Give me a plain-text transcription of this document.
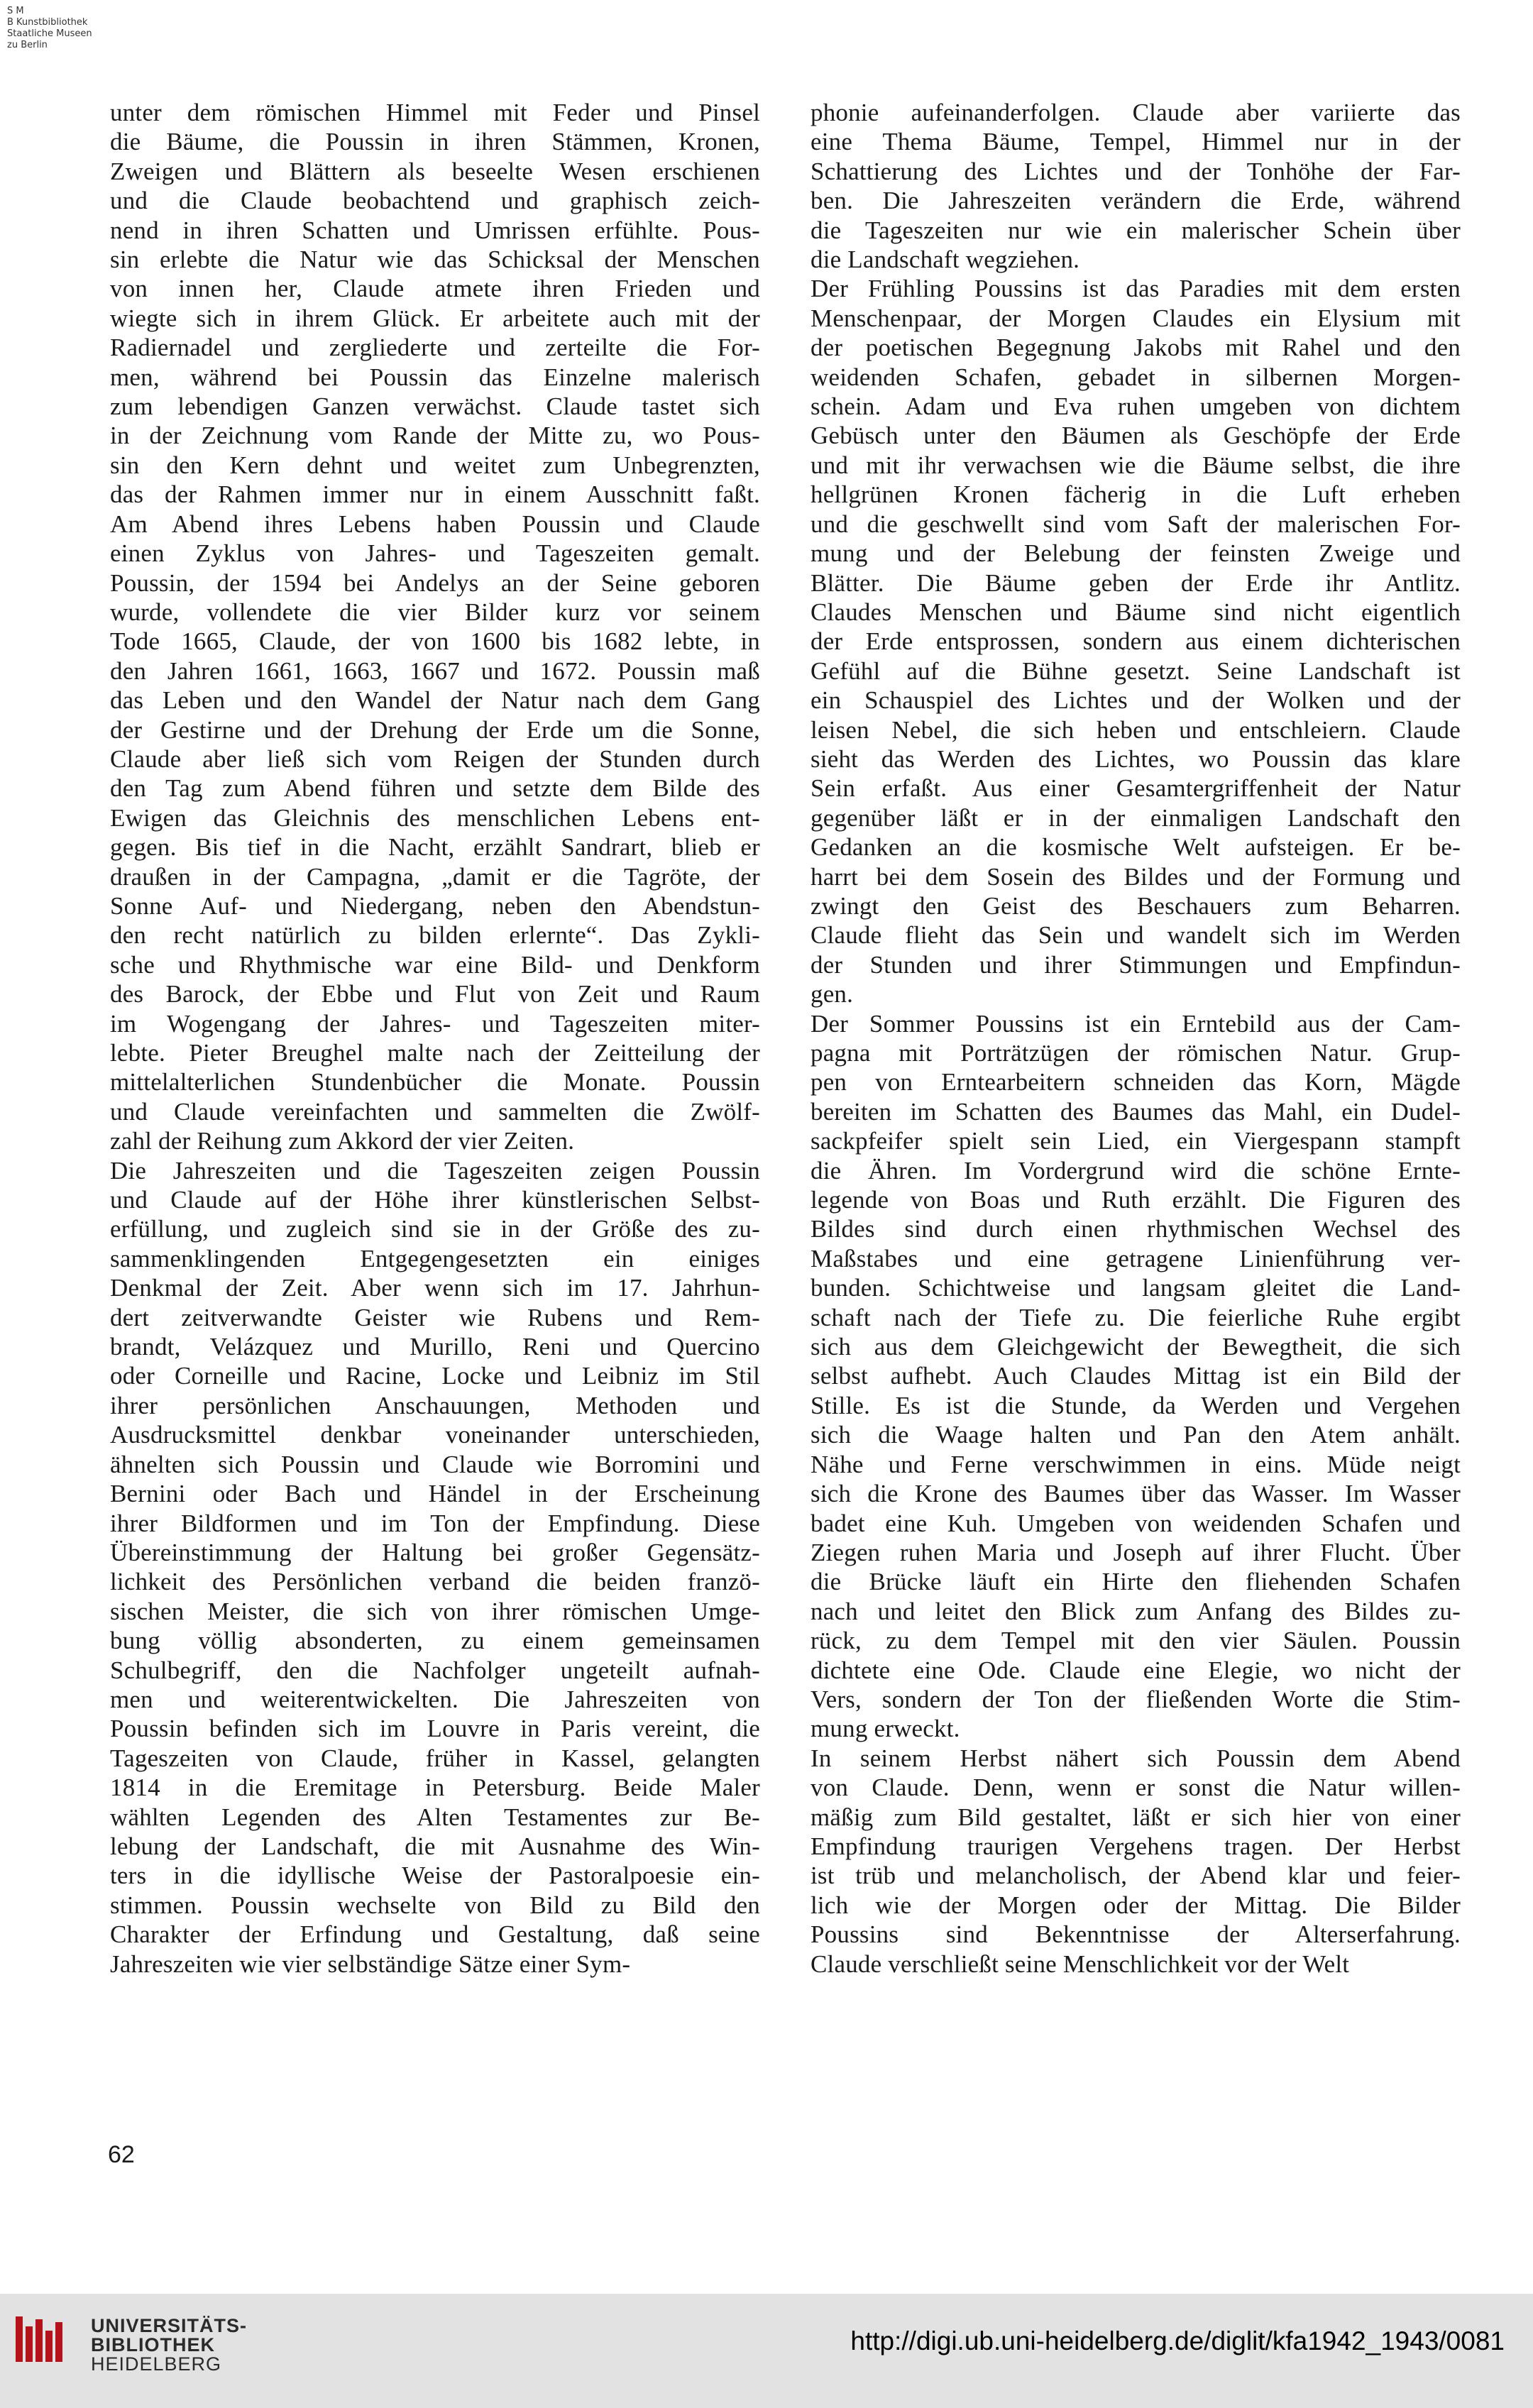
S M
B Kunstbibliothek
Staatliche Museen
zu Berlin

unter dem römischen Himmel mit Feder und Pinsel

die Bäume, die Poussin in ihren Stämmen, Kronen,

Zweigen und Blättern als beseelte Wesen erschienen

und die Claude beobachtend und graphisch zeich-

nend in ihren Schatten und Umrissen erfühlte. Pous-

sin erlebte die Natur wie das Schicksal der Menschen

von innen her, Claude atmete ihren Frieden und

wiegte sich in ihrem Glück. Er arbeitete auch mit der

Radiernadel und zergliederte und zerteilte die For-

men, während bei Poussin das Einzelne malerisch

zum lebendigen Ganzen verwächst. Claude tastet sich

in der Zeichnung vom Rande der Mitte zu, wo Pous-

sin den Kern dehnt und weitet zum Unbegrenzten,

das der Rahmen immer nur in einem Ausschnitt faßt.

Am Abend ihres Lebens haben Poussin und Claude

einen Zyklus von Jahres- und Tageszeiten gemalt.

Poussin, der 1594 bei Andelys an der Seine geboren

wurde, vollendete die vier Bilder kurz vor seinem

Tode 1665, Claude, der von 1600 bis 1682 lebte, in

den Jahren 1661, 1663, 1667 und 1672. Poussin maß

das Leben und den Wandel der Natur nach dem Gang

der Gestirne und der Drehung der Erde um die Sonne,

Claude aber ließ sich vom Reigen der Stunden durch

den Tag zum Abend führen und setzte dem Bilde des

Ewigen das Gleichnis des menschlichen Lebens ent-

gegen. Bis tief in die Nacht, erzählt Sandrart, blieb er

draußen in der Campagna, „damit er die Tagröte, der

Sonne Auf- und Niedergang, neben den Abendstun-

den recht natürlich zu bilden erlernte“. Das Zykli-

sche und Rhythmische war eine Bild- und Denkform

des Barock, der Ebbe und Flut von Zeit und Raum

im Wogengang der Jahres- und Tageszeiten miter-

lebte. Pieter Breughel malte nach der Zeitteilung der

mittelalterlichen Stundenbücher die Monate. Poussin

und Claude vereinfachten und sammelten die Zwölf-

zahl der Reihung zum Akkord der vier Zeiten.

Die Jahreszeiten und die Tageszeiten zeigen Poussin

und Claude auf der Höhe ihrer künstlerischen Selbst-

erfüllung, und zugleich sind sie in der Größe des zu-

sammenklingenden Entgegengesetzten ein einiges

Denkmal der Zeit. Aber wenn sich im 17. Jahrhun-

dert zeitverwandte Geister wie Rubens und Rem-

brandt, Velázquez und Murillo, Reni und Quercino

oder Corneille und Racine, Locke und Leibniz im Stil

ihrer persönlichen Anschauungen, Methoden und

Ausdrucksmittel denkbar voneinander unterschieden,

ähnelten sich Poussin und Claude wie Borromini und

Bernini oder Bach und Händel in der Erscheinung

ihrer Bildformen und im Ton der Empfindung. Diese

Übereinstimmung der Haltung bei großer Gegensätz-

lichkeit des Persönlichen verband die beiden franzö-

sischen Meister, die sich von ihrer römischen Umge-

bung völlig absonderten, zu einem gemeinsamen

Schulbegriff, den die Nachfolger ungeteilt aufnah-

men und weiterentwickelten. Die Jahreszeiten von

Poussin befinden sich im Louvre in Paris vereint, die

Tageszeiten von Claude, früher in Kassel, gelangten

1814 in die Eremitage in Petersburg. Beide Maler

wählten Legenden des Alten Testamentes zur Be-

lebung der Landschaft, die mit Ausnahme des Win-

ters in die idyllische Weise der Pastoralpoesie ein-

stimmen. Poussin wechselte von Bild zu Bild den

Charakter der Erfindung und Gestaltung, daß seine

Jahreszeiten wie vier selbständige Sätze einer Sym-

phonie aufeinanderfolgen. Claude aber variierte das

eine Thema Bäume, Tempel, Himmel nur in der

Schattierung des Lichtes und der Tonhöhe der Far-

ben. Die Jahreszeiten verändern die Erde, während

die Tageszeiten nur wie ein malerischer Schein über

die Landschaft wegziehen.

Der Frühling Poussins ist das Paradies mit dem ersten

Menschenpaar, der Morgen Claudes ein Elysium mit

der poetischen Begegnung Jakobs mit Rahel und den

weidenden Schafen, gebadet in silbernen Morgen-

schein. Adam und Eva ruhen umgeben von dichtem

Gebüsch unter den Bäumen als Geschöpfe der Erde

und mit ihr verwachsen wie die Bäume selbst, die ihre

hellgrünen Kronen fächerig in die Luft erheben

und die geschwellt sind vom Saft der malerischen For-

mung und der Belebung der feinsten Zweige und

Blätter. Die Bäume geben der Erde ihr Antlitz.

Claudes Menschen und Bäume sind nicht eigentlich

der Erde entsprossen, sondern aus einem dichterischen

Gefühl auf die Bühne gesetzt. Seine Landschaft ist

ein Schauspiel des Lichtes und der Wolken und der

leisen Nebel, die sich heben und entschleiern. Claude

sieht das Werden des Lichtes, wo Poussin das klare

Sein erfaßt. Aus einer Gesamtergriffenheit der Natur

gegenüber läßt er in der einmaligen Landschaft den

Gedanken an die kosmische Welt aufsteigen. Er be-

harrt bei dem Sosein des Bildes und der Formung und

zwingt den Geist des Beschauers zum Beharren.

Claude flieht das Sein und wandelt sich im Werden

der Stunden und ihrer Stimmungen und Empfindun-

gen.

Der Sommer Poussins ist ein Erntebild aus der Cam-

pagna mit Porträtzügen der römischen Natur. Grup-

pen von Erntearbeitern schneiden das Korn, Mägde

bereiten im Schatten des Baumes das Mahl, ein Dudel-

sackpfeifer spielt sein Lied, ein Viergespann stampft

die Ähren. Im Vordergrund wird die schöne Ernte-

legende von Boas und Ruth erzählt. Die Figuren des

Bildes sind durch einen rhythmischen Wechsel des

Maßstabes und eine getragene Linienführung ver-

bunden. Schichtweise und langsam gleitet die Land-

schaft nach der Tiefe zu. Die feierliche Ruhe ergibt

sich aus dem Gleichgewicht der Bewegtheit, die sich

selbst aufhebt. Auch Claudes Mittag ist ein Bild der

Stille. Es ist die Stunde, da Werden und Vergehen

sich die Waage halten und Pan den Atem anhält.

Nähe und Ferne verschwimmen in eins. Müde neigt

sich die Krone des Baumes über das Wasser. Im Wasser

badet eine Kuh. Umgeben von weidenden Schafen und

Ziegen ruhen Maria und Joseph auf ihrer Flucht. Über

die Brücke läuft ein Hirte den fliehenden Schafen

nach und leitet den Blick zum Anfang des Bildes zu-

rück, zu dem Tempel mit den vier Säulen. Poussin

dichtete eine Ode. Claude eine Elegie, wo nicht der

Vers, sondern der Ton der fließenden Worte die Stim-

mung erweckt.

In seinem Herbst nähert sich Poussin dem Abend

von Claude. Denn, wenn er sonst die Natur willen-

mäßig zum Bild gestaltet, läßt er sich hier von einer

Empfindung traurigen Vergehens tragen. Der Herbst

ist trüb und melancholisch, der Abend klar und feier-

lich wie der Morgen oder der Mittag. Die Bilder

Poussins sind Bekenntnisse der Alterserfahrung.

Claude verschließt seine Menschlichkeit vor der Welt

62
UNIVERSITÄTS-
BIBLIOTHEK
HEIDELBERG
http://digi.ub.uni-heidelberg.de/diglit/kfa1942_1943/0081
